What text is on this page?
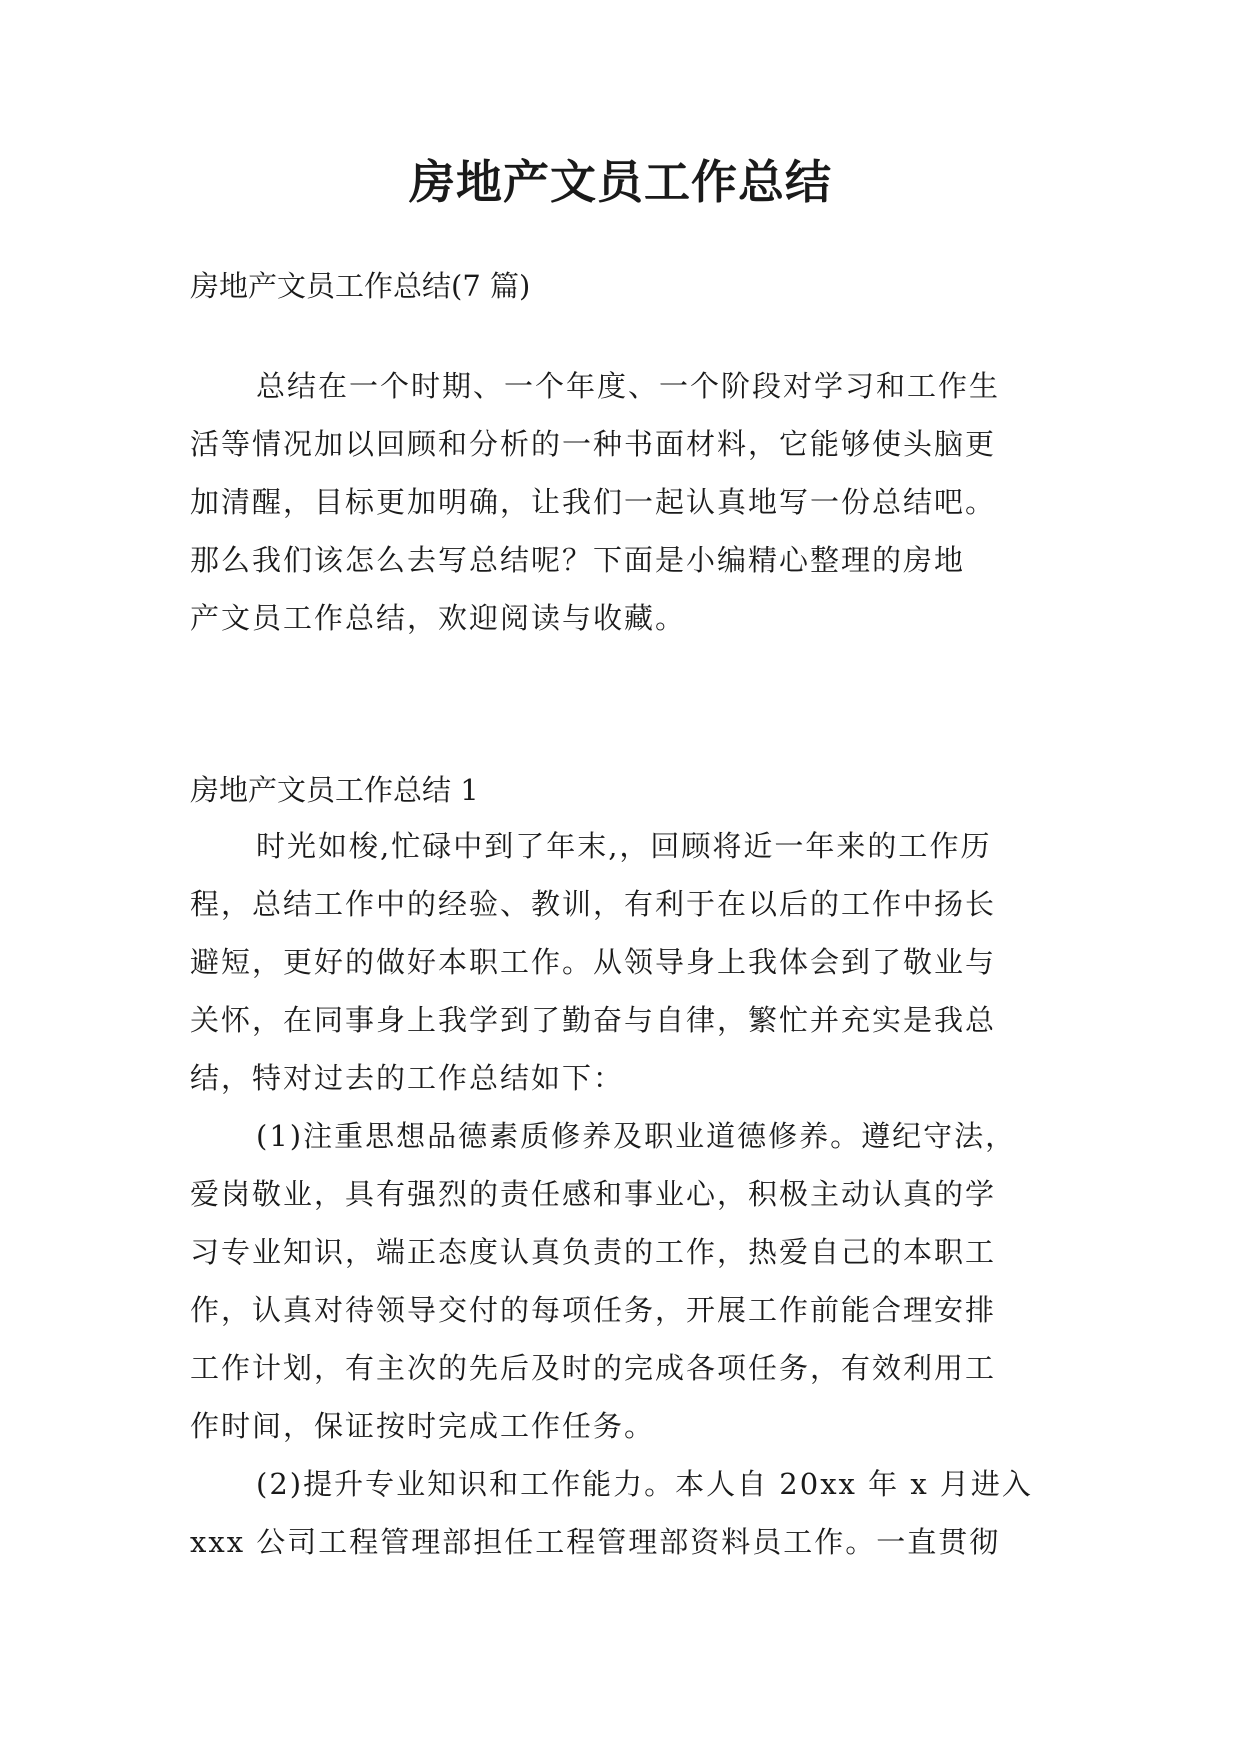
房地产文员工作总结

房地产文员工作总结(7 篇)

总结在一个时期、一个年度、一个阶段对学习和工作生
活等情况加以回顾和分析的一种书面材料，它能够使头脑更
加清醒，目标更加明确，让我们一起认真地写一份总结吧。
那么我们该怎么去写总结呢？下面是小编精心整理的房地
产文员工作总结，欢迎阅读与收藏。

房地产文员工作总结 1

时光如梭,忙碌中到了年末,，回顾将近一年来的工作历
程，总结工作中的经验、教训，有利于在以后的工作中扬长
避短，更好的做好本职工作。从领导身上我体会到了敬业与
关怀，在同事身上我学到了勤奋与自律，繁忙并充实是我总
结，特对过去的工作总结如下：
(1)注重思想品德素质修养及职业道德修养。遵纪守法，
爱岗敬业，具有强烈的责任感和事业心，积极主动认真的学
习专业知识，端正态度认真负责的工作，热爱自己的本职工
作，认真对待领导交付的每项任务，开展工作前能合理安排
工作计划，有主次的先后及时的完成各项任务，有效利用工
作时间，保证按时完成工作任务。
(2)提升专业知识和工作能力。本人自 20xx 年 x 月进入
xxx 公司工程管理部担任工程管理部资料员工作。一直贯彻
